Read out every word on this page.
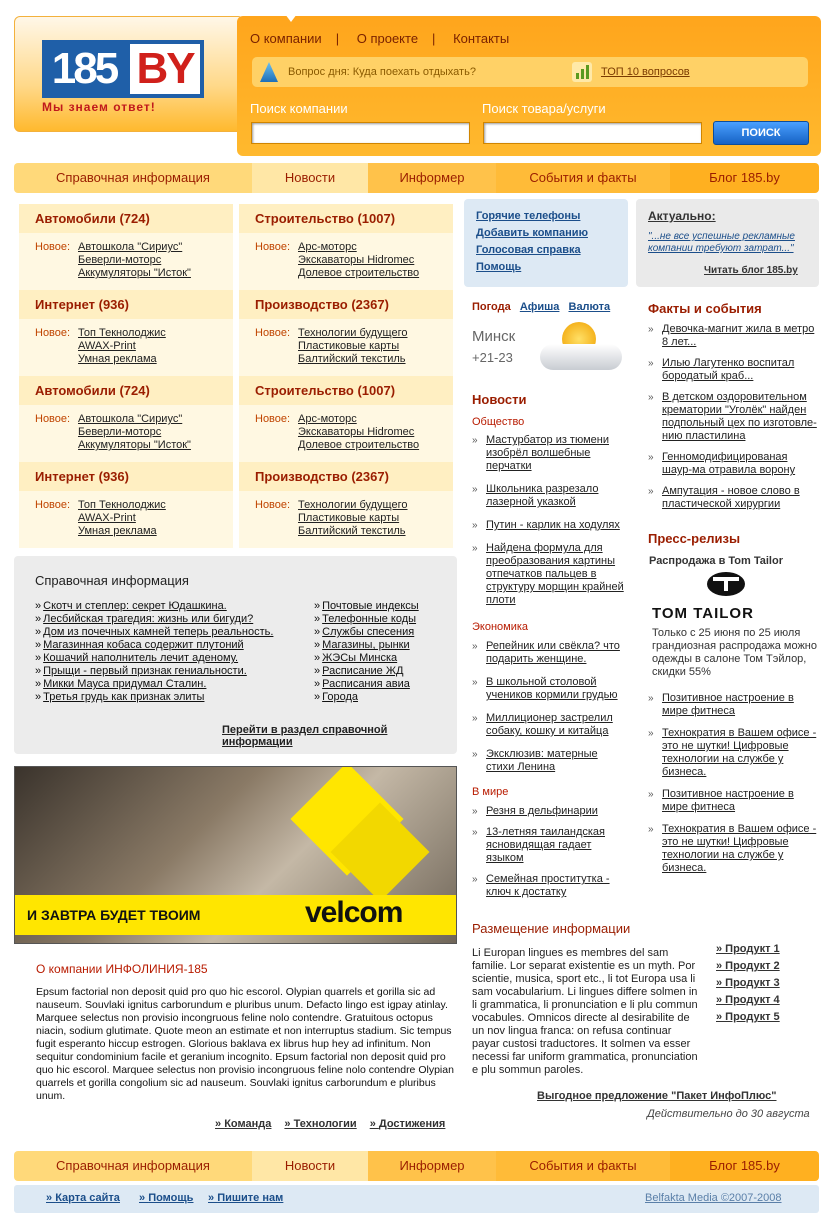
185 BY
Мы знаем ответ!
О компании | О проекте | Контакты
Вопрос дня: Куда поехать отдыхать?	ТОП 10 вопросов
Поиск компании	Поиск товара/услуги
ПОИСК
Справочная информация	Новости	Информер	События и факты	Блог 185.by
Автомобили (724)
Новое: Автошкола "Сириус"
Беверли-моторс
Аккумуляторы "Исток"
Строительство (1007)
Новое: Арс-моторс
Экскаваторы Hidromec
Долевое строительство
Интернет (936)
Новое: Топ Текнолоджис
AWAX-Print
Умная реклама
Производство (2367)
Новое: Технологии будущего
Пластиковые карты
Балтийский текстиль
Автомобили (724)
Новое: Автошкола "Сириус"
Беверли-моторс
Аккумуляторы "Исток"
Строительство (1007)
Новое: Арс-моторс
Экскаваторы Hidromec
Долевое строительство
Интернет (936)
Новое: Топ Текнолоджис
AWAX-Print
Умная реклама
Производство (2367)
Новое: Технологии будущего
Пластиковые карты
Балтийский текстиль
Справочная информация
» Скотч и степлер: секрет Юдашкина.
» Лесбийская трагедия: жизнь или бигуди?
» Дом из почечных камней теперь реальность.
» Магазинная кобаса содержит плутоний
» Кошачий наполнитель лечит аденому.
» Прыщи - первый признак гениальности.
» Микки Мауса придумал Сталин.
» Третья грудь как признак элиты
» Почтовые индексы
» Телефонные коды
» Службы спесения
» Магазины, рынки
» ЖЭСы Минска
» Расписание ЖД
» Расписания авиа
» Города
Перейти в раздел справочной информации
И ЗАВТРА БУДЕТ ТВОИМ	velcom
О компании ИНФОЛИНИЯ-185

Epsum factorial non deposit quid pro quo hic escorol. Olypian quarrels et gorilla sic ad nauseum. Souvlaki ignitus carborundum e pluribus unum. Defacto lingo est igpay atinlay. Marquee selectus non provisio incongruous feline nolo contendre. Gratuitous octopus niacin, sodium glutimate. Quote meon an estimate et non interruptus stadium. Sic tempus fugit esperanto hiccup estrogen. Glorious baklava ex librus hup hey ad infinitum. Non sequitur condominium facile et geranium incognito. Epsum factorial non deposit quid pro quo hic escorol. Marquee selectus non provisio incongruous feline nolo contendre Olypian quarrels et gorilla congolium sic ad nauseum. Souvlaki ignitus carborundum e pluribus unum.

» Команда » Технологии » Достижения
Горячие телефоны
Добавить компанию
Голосовая справка
Помощь
Актуально:
"...не все успешные рекламные компании требуют затрат..."
Читать блог 185.by
Погода Афиша Валюта
Минск
+21-23
Новости
Общество
» Мастурбатор из тюмени изобрёл волшебные перчатки
» Школьника разрезало лазерной указкой
» Путин - карлик на ходулях
» Найдена формула для преобразования картины отпечатков пальцев в структуру морщин крайней плоти
Экономика
» Репейник или свёкла? что подарить женщине.
» В школьной столовой учеников кормили грудью
» Миллиционер застрелил собаку, кошку и китайца
» Экcклюзив: матерные стихи Ленина
В мире
» Резня в дельфинарии
» 13-летняя таиландская ясновидящая гадает языком
» Семейная проститутка - ключ к достатку
Факты и события
» Девочка-магнит жила в метро 8 лет...
» Илью Лагутенко воспитал бородатый краб...
» В детском оздоровительном крематории "Уголёк" найден подпольный цех по изготовле-нию пластилина
» Генномодифицированая шаур-ма отравила ворону
» Ампутация - новое слово в пластической хирургии
Пресс-релизы
Распродажа в Tom Tailor
TOM TAILOR
Только с 25 июня по 25 июля грандиозная распродажа можно одежды в салоне Том Тэйлор, скидки 55%
» Позитивное настроение в мире фитнеса
» Технократия в Вашем офисе - это не шутки! Цифровые технологии на службе у бизнеса.
» Позитивное настроение в мире фитнеса
» Технократия в Вашем офисе - это не шутки! Цифровые технологии на службе у бизнеса.
Размещение информации
Li Europan lingues es membres del sam familie. Lor separat existentie es un myth. Por scientie, musica, sport etc., li tot Europa usa li sam vocabularium. Li lingues differe solmen in li grammatica, li pronunciation e li plu commun vocabules. Omnicos directe al desirabilite de un nov lingua franca: on refusa continuar payar custosi traductores. It solmen va esser necessi far uniform grammatica, pronunciation e plu sommun paroles.
» Продукт 1
» Продукт 2
» Продукт 3
» Продукт 4
» Продукт 5
Выгодное предложение "Пакет ИнфоПлюс"
Действительно до 30 августа
Справочная информация	Новости	Информер	События и факты	Блог 185.by
» Карта сайта » Помощь » Пишите нам	Belfakta Media ©2007-2008
